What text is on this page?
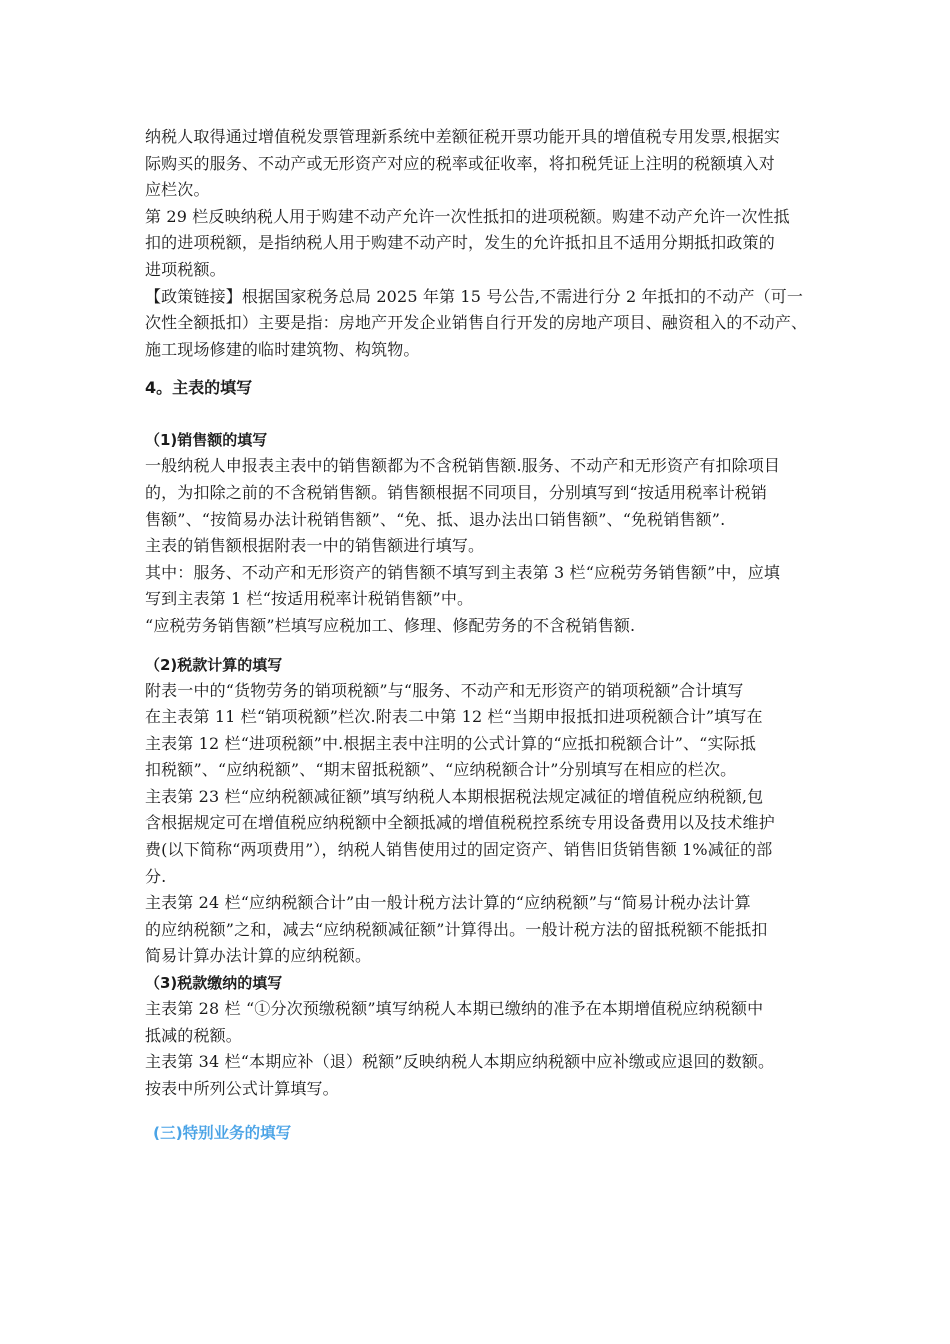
纳税人取得通过增值税发票管理新系统中差额征税开票功能开具的增值税专用发票,根据实
际购买的服务、不动产或无形资产对应的税率或征收率，将扣税凭证上注明的税额填入对
应栏次。
第 29 栏反映纳税人用于购建不动产允许一次性抵扣的进项税额。购建不动产允许一次性抵
扣的进项税额，是指纳税人用于购建不动产时，发生的允许抵扣且不适用分期抵扣政策的
进项税额。
【政策链接】根据国家税务总局 2025 年第 15 号公告,不需进行分 2 年抵扣的不动产（可一
次性全额抵扣）主要是指：房地产开发企业销售自行开发的房地产项目、融资租入的不动产、
施工现场修建的临时建筑物、构筑物。
4。主表的填写
（1)销售额的填写
一般纳税人申报表主表中的销售额都为不含税销售额.服务、不动产和无形资产有扣除项目
的，为扣除之前的不含税销售额。销售额根据不同项目，分别填写到“按适用税率计税销
售额”、“按简易办法计税销售额”、“免、抵、退办法出口销售额”、“免税销售额”.
主表的销售额根据附表一中的销售额进行填写。
其中：服务、不动产和无形资产的销售额不填写到主表第 3 栏“应税劳务销售额”中，应填
写到主表第 1 栏“按适用税率计税销售额”中。
“应税劳务销售额”栏填写应税加工、修理、修配劳务的不含税销售额.
（2)税款计算的填写
附表一中的“货物劳务的销项税额”与“服务、不动产和无形资产的销项税额”合计填写
在主表第 11 栏“销项税额”栏次.附表二中第 12 栏“当期申报抵扣进项税额合计”填写在
主表第 12 栏“进项税额”中.根据主表中注明的公式计算的“应抵扣税额合计”、“实际抵
扣税额”、“应纳税额”、“期末留抵税额”、“应纳税额合计”分别填写在相应的栏次。
主表第 23 栏“应纳税额减征额”填写纳税人本期根据税法规定减征的增值税应纳税额,包
含根据规定可在增值税应纳税额中全额抵减的增值税税控系统专用设备费用以及技术维护
费(以下简称“两项费用”），纳税人销售使用过的固定资产、销售旧货销售额 1%减征的部
分.
主表第 24 栏“应纳税额合计”由一般计税方法计算的“应纳税额”与“简易计税办法计算
的应纳税额”之和，减去“应纳税额减征额”计算得出。一般计税方法的留抵税额不能抵扣
简易计算办法计算的应纳税额。
（3)税款缴纳的填写
主表第 28 栏 “①分次预缴税额”填写纳税人本期已缴纳的准予在本期增值税应纳税额中
抵减的税额。
主表第 34 栏“本期应补（退）税额”反映纳税人本期应纳税额中应补缴或应退回的数额。
按表中所列公式计算填写。
(三)特别业务的填写
